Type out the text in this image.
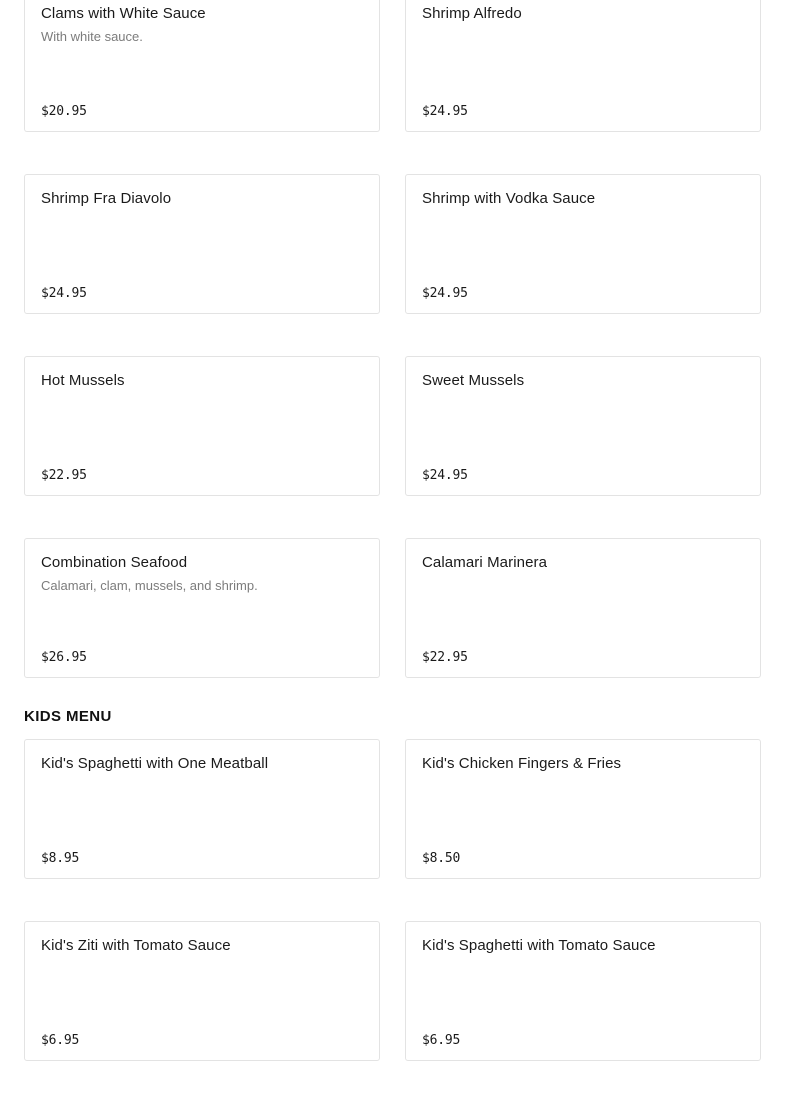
Clams with White Sauce
With white sauce.
$20.95
Shrimp Alfredo
$24.95
Shrimp Fra Diavolo
$24.95
Shrimp with Vodka Sauce
$24.95
Hot Mussels
$22.95
Sweet Mussels
$24.95
Combination Seafood
Calamari, clam, mussels, and shrimp.
$26.95
Calamari Marinera
$22.95
KIDS MENU
Kid's Spaghetti with One Meatball
$8.95
Kid's Chicken Fingers & Fries
$8.50
Kid's Ziti with Tomato Sauce
$6.95
Kid's Spaghetti with Tomato Sauce
$6.95
